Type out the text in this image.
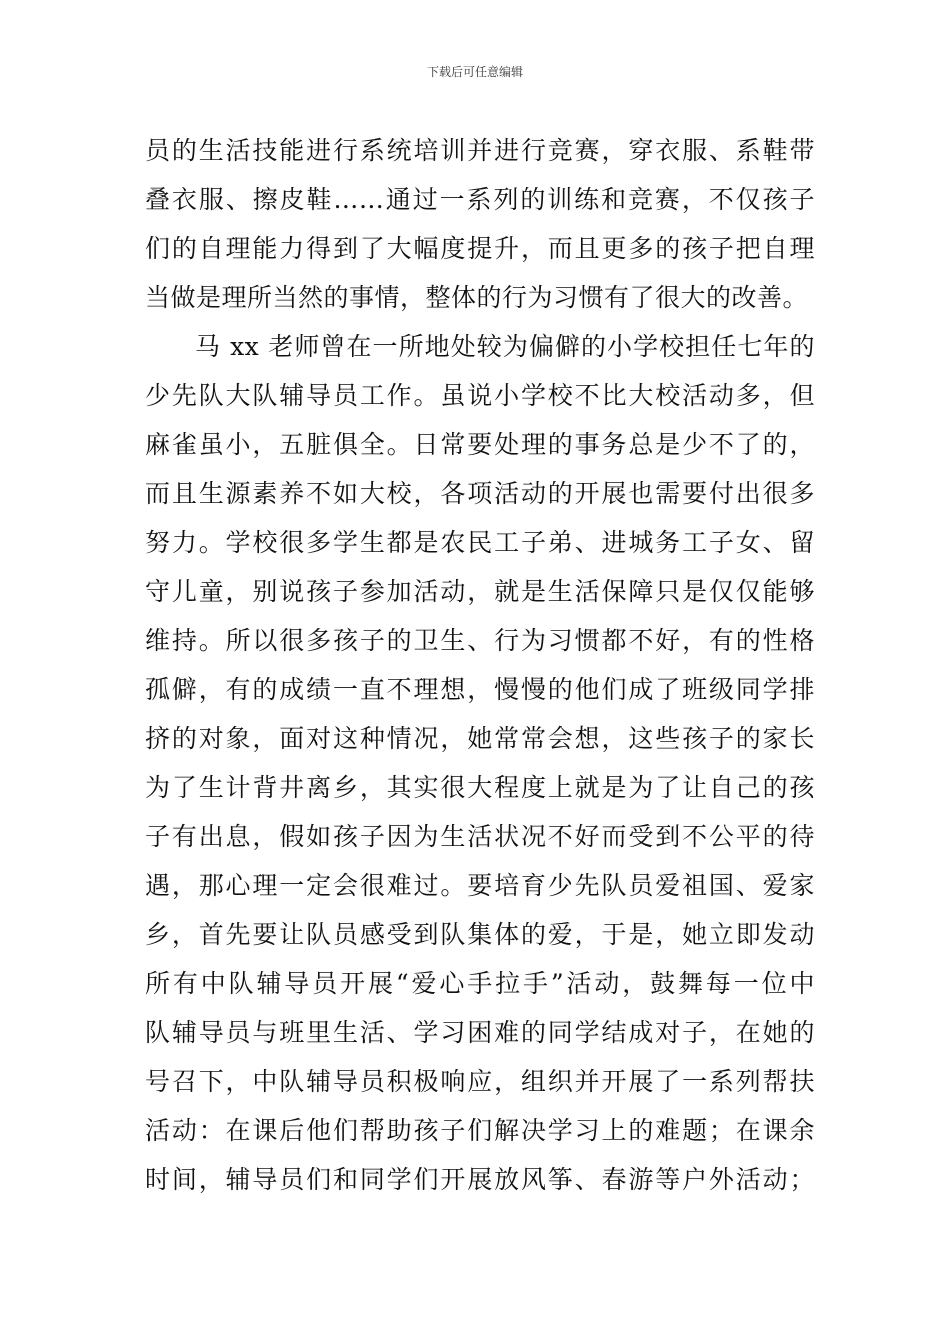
下载后可任意编辑
员的生活技能进行系统培训并进行竞赛，穿衣服、系鞋带
叠衣服、擦皮鞋……通过一系列的训练和竞赛，不仅孩子
们的自理能力得到了大幅度提升，而且更多的孩子把自理
当做是理所当然的事情，整体的行为习惯有了很大的改善。
马 xx 老师曾在一所地处较为偏僻的小学校担任七年的
少先队大队辅导员工作。虽说小学校不比大校活动多，但
麻雀虽小，五脏俱全。日常要处理的事务总是少不了的，
而且生源素养不如大校，各项活动的开展也需要付出很多
努力。学校很多学生都是农民工子弟、进城务工子女、留
守儿童，别说孩子参加活动，就是生活保障只是仅仅能够
维持。所以很多孩子的卫生、行为习惯都不好，有的性格
孤僻，有的成绩一直不理想，慢慢的他们成了班级同学排
挤的对象，面对这种情况，她常常会想，这些孩子的家长
为了生计背井离乡，其实很大程度上就是为了让自己的孩
子有出息，假如孩子因为生活状况不好而受到不公平的待
遇，那心理一定会很难过。要培育少先队员爱祖国、爱家
乡，首先要让队员感受到队集体的爱，于是，她立即发动
所有中队辅导员开展“爱心手拉手”活动，鼓舞每一位中
队辅导员与班里生活、学习困难的同学结成对子，在她的
号召下，中队辅导员积极响应，组织并开展了一系列帮扶
活动：在课后他们帮助孩子们解决学习上的难题；在课余
时间，辅导员们和同学们开展放风筝、春游等户外活动；
